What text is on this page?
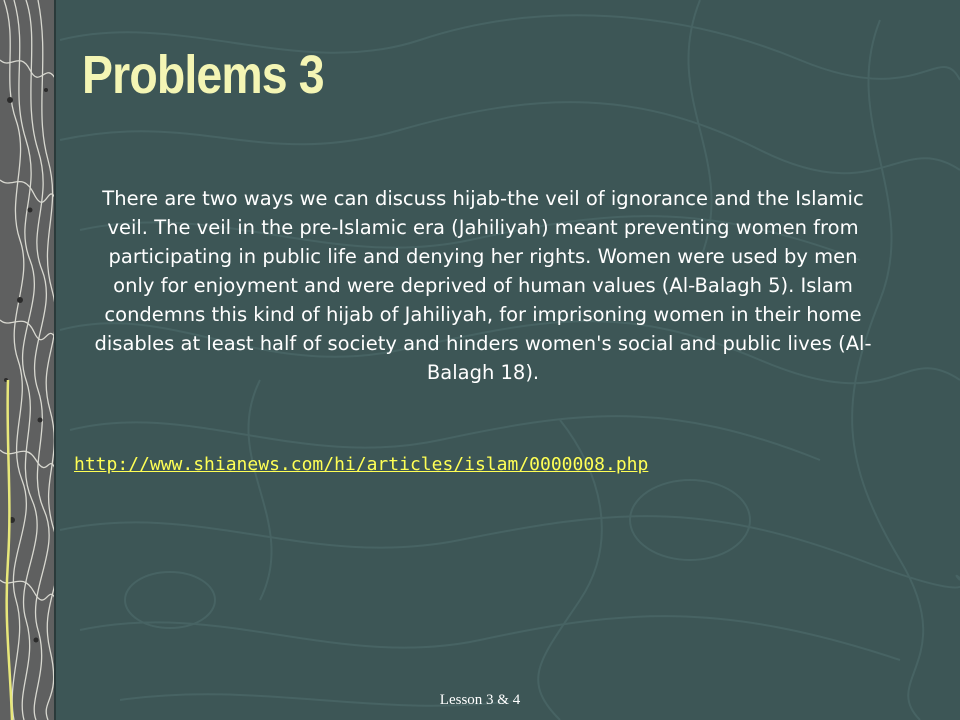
Problems 3

There are two ways we can discuss hijab-the veil of ignorance and the Islamic veil. The veil in the pre-Islamic era (Jahiliyah) meant preventing women from participating in public life and denying her rights. Women were used by men only for enjoyment and were deprived of human values (Al-Balagh 5). Islam condemns this kind of hijab of Jahiliyah, for imprisoning women in their home disables at least half of society and hinders women's social and public lives (Al-Balagh 18).

http://www.shianews.com/hi/articles/islam/0000008.php
Lesson 3 & 4
